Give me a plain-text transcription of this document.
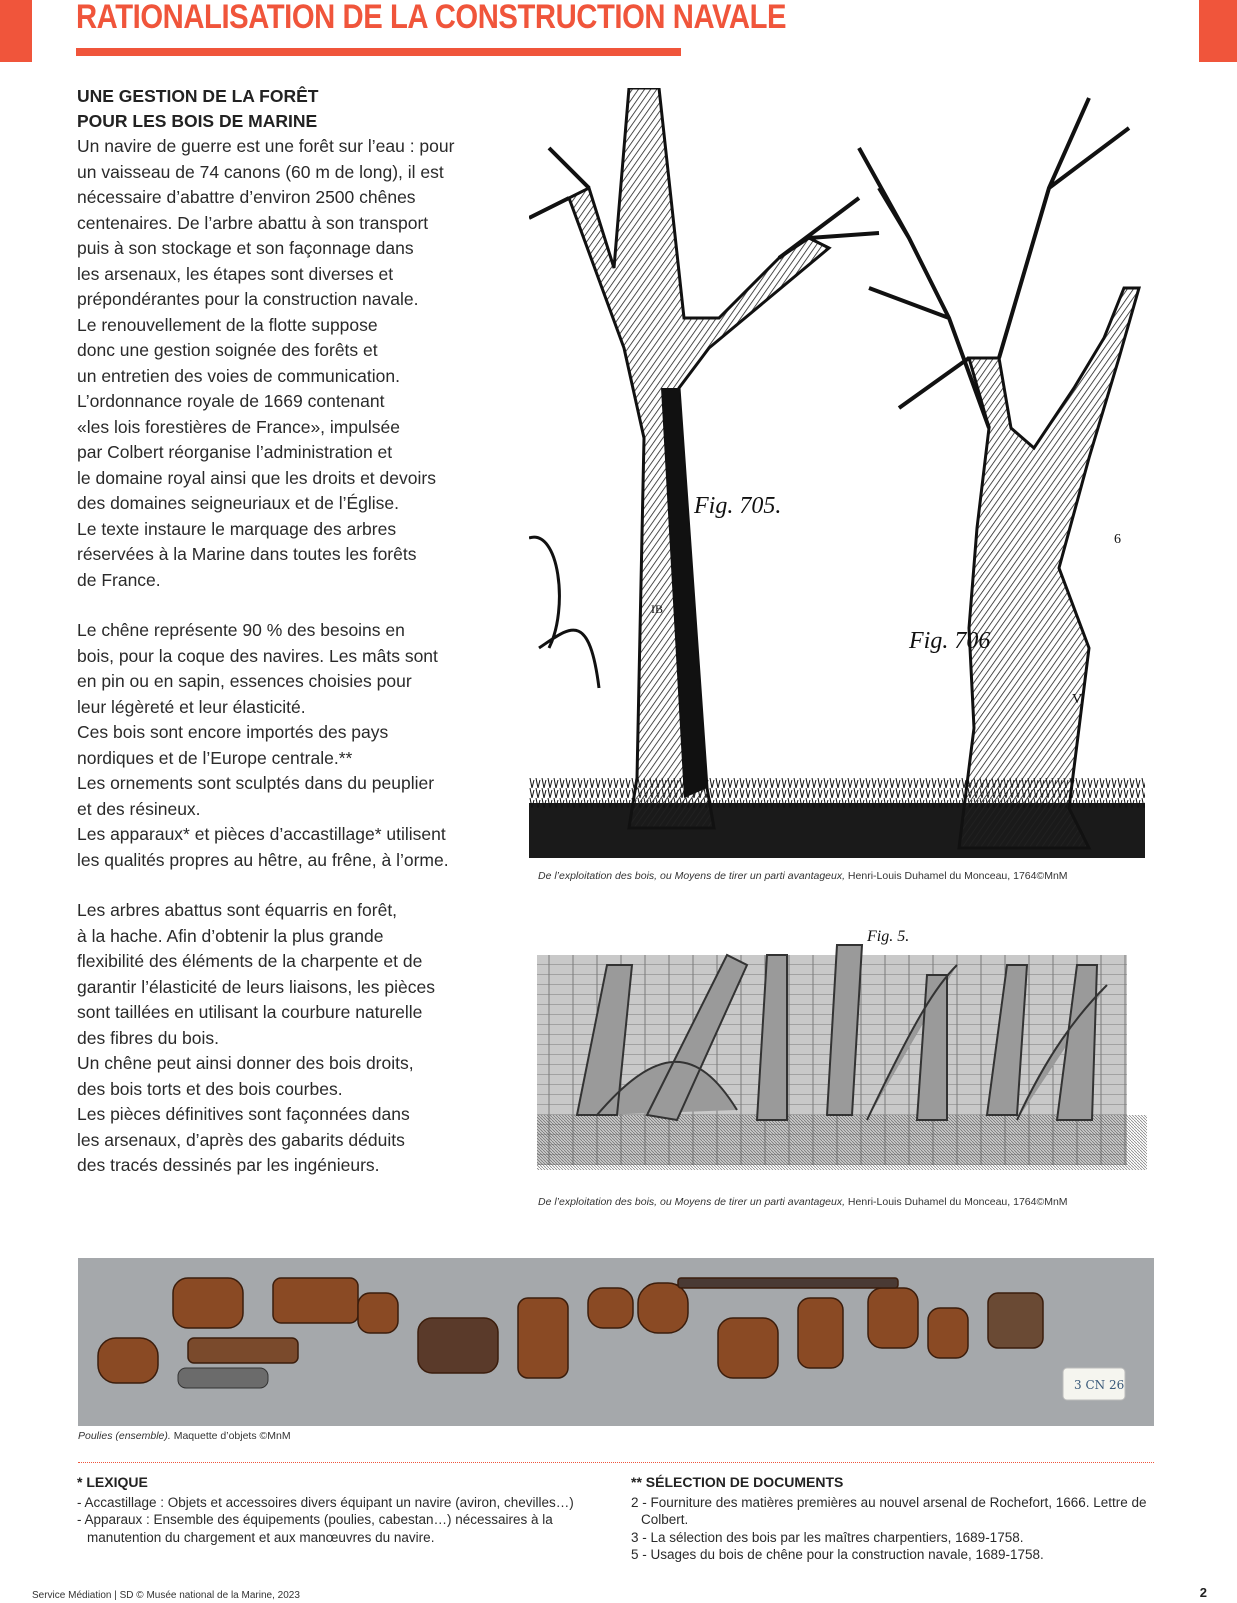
RATIONALISATION DE LA CONSTRUCTION NAVALE

UNE GESTION DE LA FORÊT
POUR LES BOIS DE MARINE

Un navire de guerre est une forêt sur l’eau : pour
un vaisseau de 74 canons (60 m de long), il est
nécessaire d’abattre d’environ 2500 chênes
centenaires. De l’arbre abattu à son transport
puis à son stockage et son façonnage dans
les arsenaux, les étapes sont diverses et
prépondérantes pour la construction navale.
Le renouvellement de la flotte suppose
donc une gestion soignée des forêts et
un entretien des voies de communication.
L’ordonnance royale de 1669 contenant
«les lois forestières de France», impulsée
par Colbert réorganise l’administration et
le domaine royal ainsi que les droits et devoirs
des domaines seigneuriaux et de l’Église.
Le texte instaure le marquage des arbres
réservées à la Marine dans toutes les forêts
de France.
Le chêne représente 90 % des besoins en
bois, pour la coque des navires. Les mâts sont
en pin ou en sapin, essences choisies pour
leur légèreté et leur élasticité.
Ces bois sont encore importés des pays
nordiques et de l’Europe centrale.**
Les ornements sont sculptés dans du peuplier
et des résineux.
Les apparaux* et pièces d’accastillage* utilisent
les qualités propres au hêtre, au frêne, à l’orme.
Les arbres abattus sont équarris en forêt,
à la hache. Afin d’obtenir la plus grande
flexibilité des éléments de la charpente et de
garantir l’élasticité de leurs liaisons, les pièces
sont taillées en utilisant la courbure naturelle
des fibres du bois.
Un chêne peut ainsi donner des bois droits,
des bois torts et des bois courbes.
Les pièces définitives sont façonnées dans
les arsenaux, d’après des gabarits déduits
des tracés dessinés par les ingénieurs.
Fig. 705.
Fig. 706
IB
6
V
De l’exploitation des bois, ou Moyens de tirer un parti avantageux, Henri-Louis Duhamel du Monceau, 1764©MnM
Fig. 5.
De l’exploitation des bois, ou Moyens de tirer un parti avantageux, Henri-Louis Duhamel du Monceau, 1764©MnM
3 CN 26
Poulies (ensemble). Maquette d’objets ©MnM
* LEXIQUE

- Accastillage : Objets et accessoires divers équipant un navire (aviron, chevilles…)

- Apparaux : Ensemble des équipements (poulies, cabestan…) nécessaires à la manutention du chargement et aux manœuvres du navire.

** SÉLECTION DE DOCUMENTS

2 - Fourniture des matières premières au nouvel arsenal de Rochefort, 1666. Lettre de Colbert.

3 - La sélection des bois par les maîtres charpentiers, 1689-1758.

5 - Usages du bois de chêne pour la construction navale, 1689-1758.

Service Médiation | SD © Musée national de la Marine, 2023	2
